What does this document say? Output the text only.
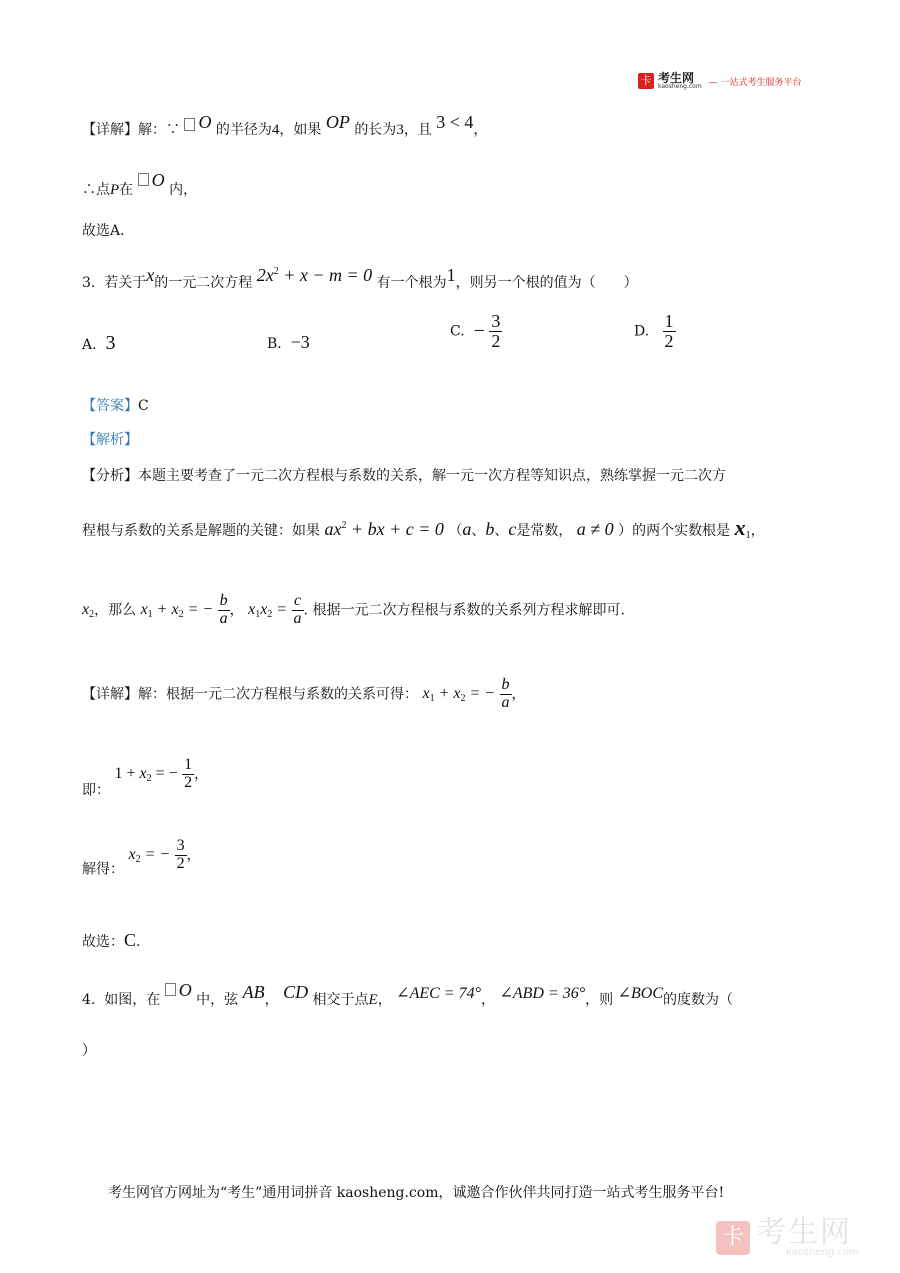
卡 考生网
kaosheng.com — 一站式考生服务平台
【详解】解：∵ O 的半径为4，如果 OP 的长为3，且 3 < 4，
∴点P在 O 内，
故选A.
3. 若关于x的一元二次方程 $2x^2 + x - m = 0$ 有一个根为1，则另一个根的值为（　　）
A. 3	B. −3
C. − $\frac{3}{2}$	D. $\frac{1}{2}$
【答案】C
【解析】
【分析】本题主要考查了一元二次方程根与系数的关系，解一元一次方程等知识点，熟练掌握一元二次方
程根与系数的关系是解题的关键：如果 $ax^2$ + bx + c = 0 （a、b、c是常数， a ≠ 0 ）的两个实数根是 $x_1$，
$x_2$，那么 $x_1 + x_2$ = − $\frac{b}{a}$ ， $x_1x_2 = \frac{c}{a}$ . 根据一元二次方程根与系数的关系列方程求解即可.
【详解】解：根据一元二次方程根与系数的关系可得： $x_1 + x_2$ = − $\frac{b}{a}$ ，
即： $1 + x_2$ = − $\frac{1}{2}$ ，
解得： $x_2$ = − $\frac{3}{2}$ ，
故选：C.
4. 如图，在 O 中，弦 AB， CD 相交于点E， ∠AEC = 74°， ∠ABD = 36°，则 ∠BOC的度数为（
）
考生网官方网址为“考生”通用词拼音 kaosheng.com，诚邀合作伙伴共同打造一站式考生服务平台!
卡 考生网
kaosheng.com
